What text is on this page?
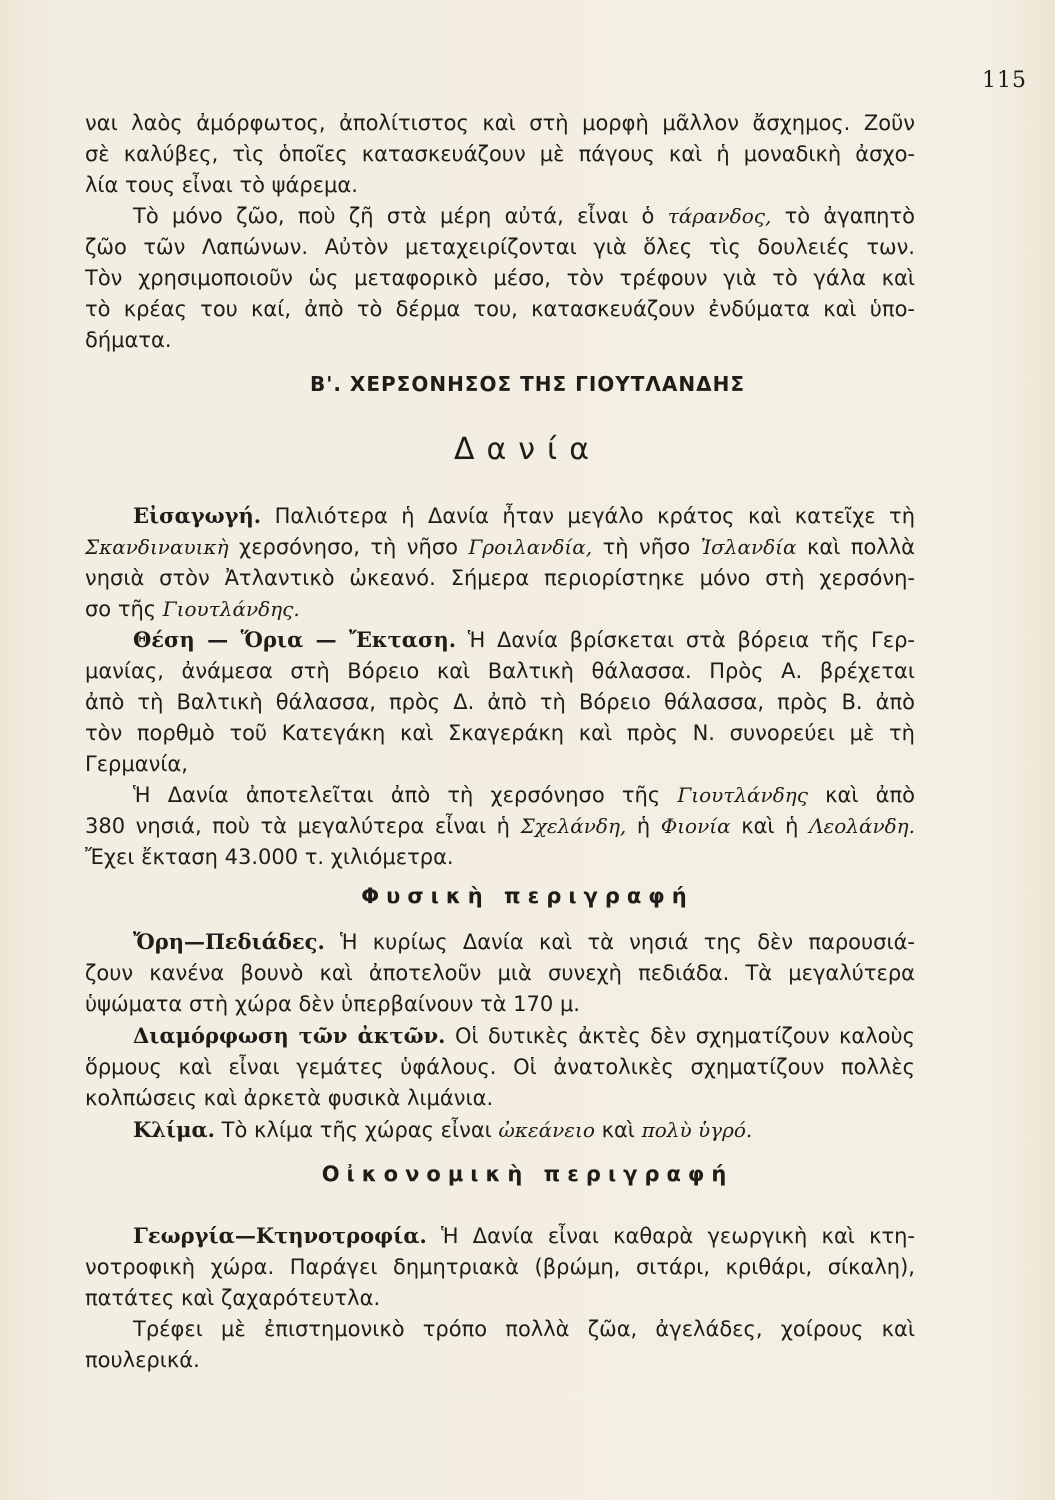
115
ναι λαὸς ἀμόρφωτος, ἀπολίτιστος καὶ στὴ μορφὴ μᾶλλον ἄσχημος. Ζοῦν
σὲ καλύβες, τὶς ὁποῖες κατασκευάζουν μὲ πάγους καὶ ἡ μοναδικὴ ἀσχο-
λία τους εἶναι τὸ ψάρεμα.
Τὸ μόνο ζῶο, ποὺ ζῆ στὰ μέρη αὐτά, εἶναι ὁ τάρανδος, τὸ ἀγαπητὸ
ζῶο τῶν Λαπώνων. Αὐτὸν μεταχειρίζονται γιὰ ὅλες τὶς δουλειές των.
Τὸν χρησιμοποιοῦν ὡς μεταφορικὸ μέσο, τὸν τρέφουν γιὰ τὸ γάλα καὶ
τὸ κρέας του καί, ἀπὸ τὸ δέρμα του, κατασκευάζουν ἐνδύματα καὶ ὑπο-
δήματα.
Β'. ΧΕΡΣΟΝΗΣΟΣ ΤΗΣ ΓΙΟΥΤΛΑΝΔΗΣ
Δανία
Εἰσαγωγή. Παλιότερα ἡ Δανία ἦταν μεγάλο κράτος καὶ κατεῖχε τὴ
Σκανδιναυικὴ χερσόνησο, τὴ νῆσο Γροιλανδία, τὴ νῆσο Ἰσλανδία καὶ πολλὰ
νησιὰ στὸν Ἀτλαντικὸ ὠκεανό. Σήμερα περιορίστηκε μόνο στὴ χερσόνη-
σο τῆς Γιουτλάνδης.
Θέση — Ὅρια — Ἔκταση. Ἡ Δανία βρίσκεται στὰ βόρεια τῆς Γερ-
μανίας, ἀνάμεσα στὴ Βόρειο καὶ Βαλτικὴ θάλασσα. Πρὸς Α. βρέχεται
ἀπὸ τὴ Βαλτικὴ θάλασσα, πρὸς Δ. ἀπὸ τὴ Βόρειο θάλασσα, πρὸς Β. ἀπὸ
τὸν πορθμὸ τοῦ Κατεγάκη καὶ Σκαγεράκη καὶ πρὸς Ν. συνορεύει μὲ τὴ
Γερμανία,
Ἡ Δανία ἀποτελεῖται ἀπὸ τὴ χερσόνησο τῆς Γιουτλάνδης καὶ ἀπὸ
380 νησιά, ποὺ τὰ μεγαλύτερα εἶναι ἡ Σχελάνδη, ἡ Φιονία καὶ ἡ Λεολάνδη.
Ἔχει ἔκταση 43.000 τ. χιλιόμετρα.
Φυσικὴ περιγραφή
Ὄρη—Πεδιάδες. Ἡ κυρίως Δανία καὶ τὰ νησιά της δὲν παρουσιά-
ζουν κανένα βουνὸ καὶ ἀποτελοῦν μιὰ συνεχὴ πεδιάδα. Τὰ μεγαλύτερα
ὑψώματα στὴ χώρα δὲν ὑπερβαίνουν τὰ 170 μ.
Διαμόρφωση τῶν ἀκτῶν. Οἱ δυτικὲς ἀκτὲς δὲν σχηματίζουν καλοὺς
ὅρμους καὶ εἶναι γεμάτες ὑφάλους. Οἱ ἀνατολικὲς σχηματίζουν πολλὲς
κολπώσεις καὶ ἀρκετὰ φυσικὰ λιμάνια.
Κλίμα. Τὸ κλίμα τῆς χώρας εἶναι ὠκεάνειο καὶ πολὺ ὑγρό.
Οἰκονομικὴ περιγραφή
Γεωργία—Κτηνοτροφία. Ἡ Δανία εἶναι καθαρὰ γεωργικὴ καὶ κτη-
νοτροφικὴ χώρα. Παράγει δημητριακὰ (βρώμη, σιτάρι, κριθάρι, σίκαλη),
πατάτες καὶ ζαχαρότευτλα.
Τρέφει μὲ ἐπιστημονικὸ τρόπο πολλὰ ζῶα, ἀγελάδες, χοίρους καὶ
πουλερικά.
